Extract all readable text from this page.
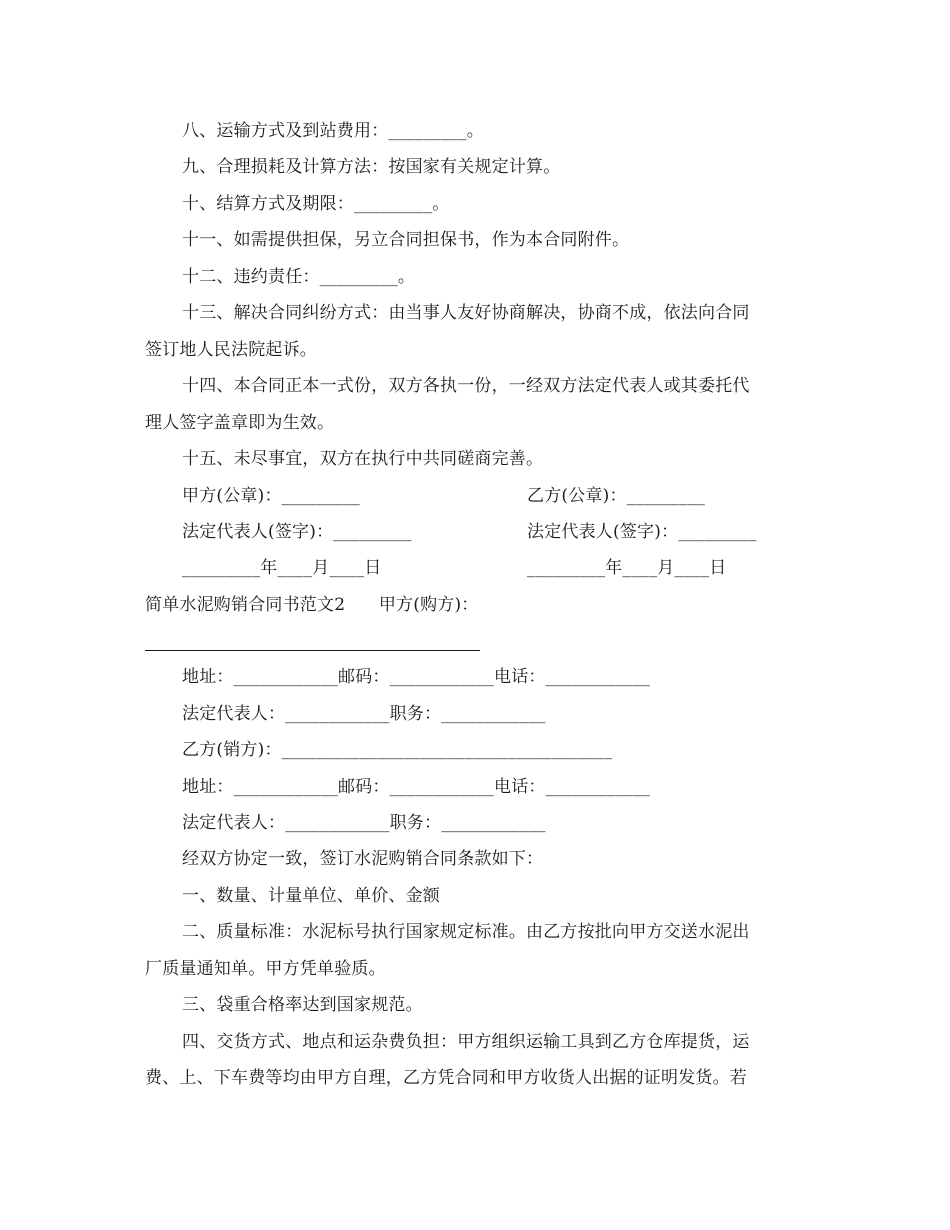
八、运输方式及到站费用：_________。
九、合理损耗及计算方法：按国家有关规定计算。
十、结算方式及期限：_________。
十一、如需提供担保，另立合同担保书，作为本合同附件。
十二、违约责任：_________。
十三、解决合同纠纷方式：由当事人友好协商解决，协商不成，依法向合同
签订地人民法院起诉。
十四、本合同正本一式份，双方各执一份，一经双方法定代表人或其委托代
理人签字盖章即为生效。
十五、未尽事宜，双方在执行中共同磋商完善。
甲方(公章)：_________	乙方(公章)：_________
法定代表人(签字)：_________	法定代表人(签字)：_________
_________年____月____日	_________年____月____日
简单水泥购销合同书范文2      甲方(购方)：
地址：____________邮码：____________电话：____________
法定代表人：____________职务：____________
乙方(销方)：______________________________________
地址：____________邮码：____________电话：____________
法定代表人：____________职务：____________
经双方协定一致，签订水泥购销合同条款如下：
一、数量、计量单位、单价、金额
二、质量标准：水泥标号执行国家规定标准。由乙方按批向甲方交送水泥出
厂质量通知单。甲方凭单验质。
三、袋重合格率达到国家规范。
四、交货方式、地点和运杂费负担：甲方组织运输工具到乙方仓库提货，运
费、上、下车费等均由甲方自理，乙方凭合同和甲方收货人出据的证明发货。若
